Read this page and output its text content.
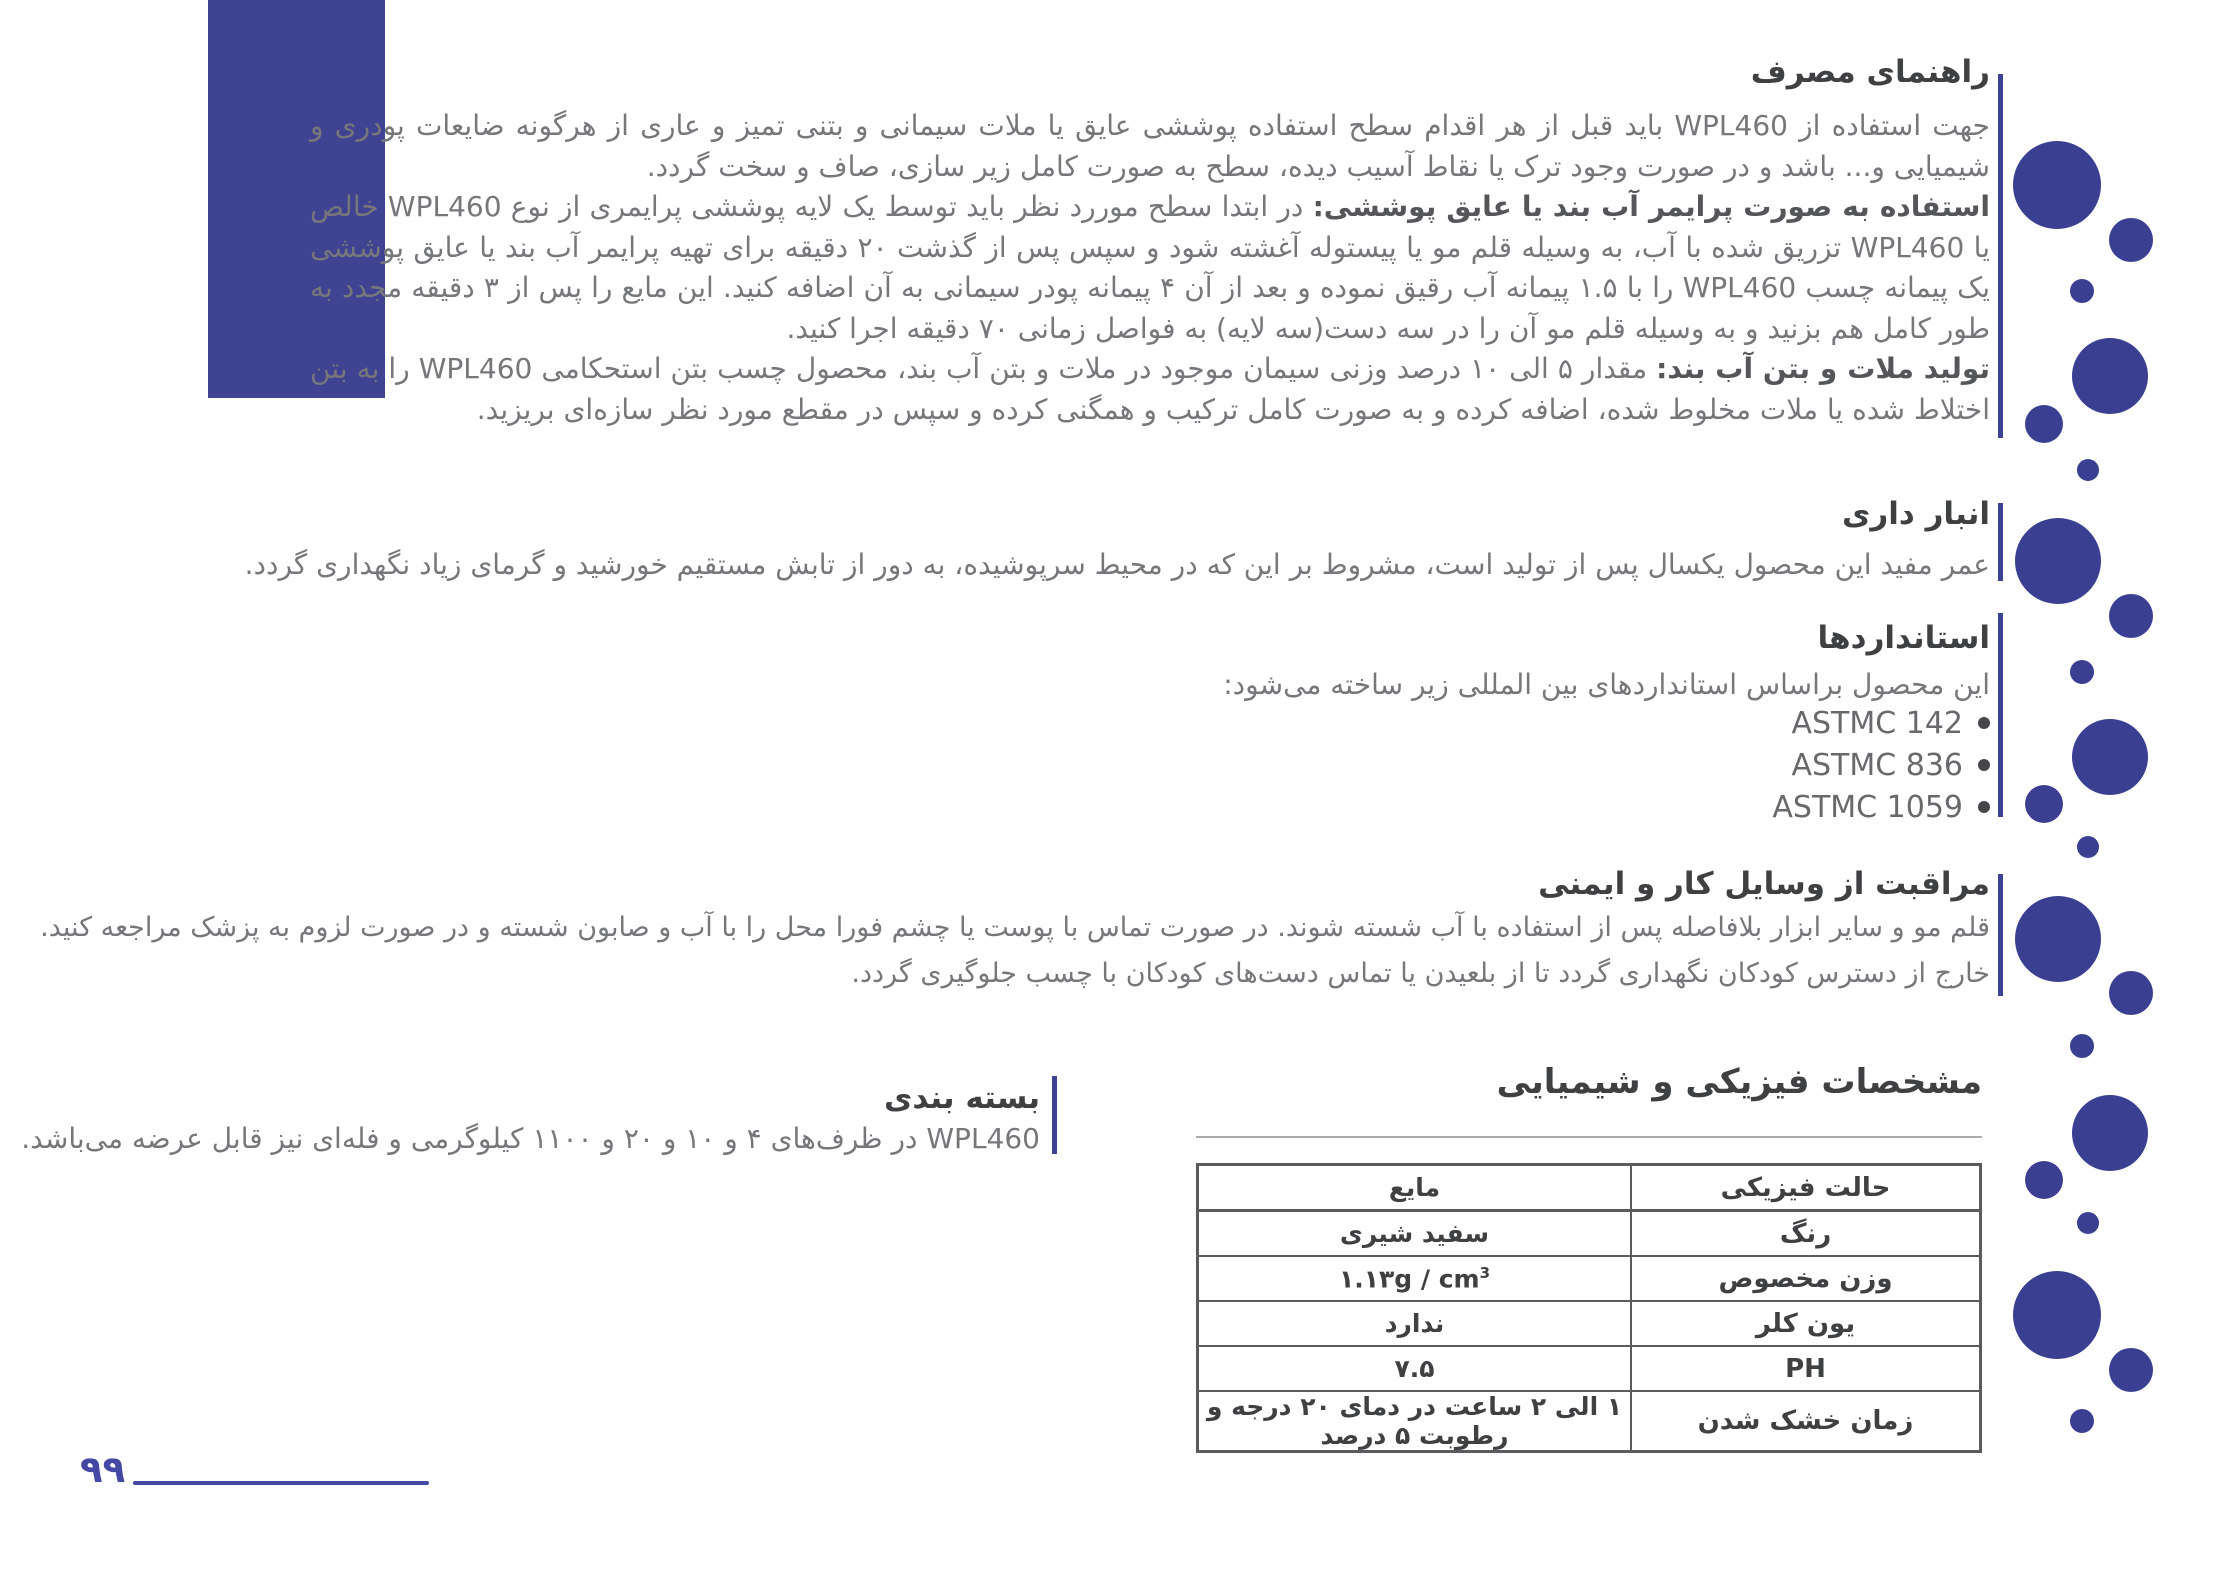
راهنمای مصرف

جهت استفاده از WPL460 باید قبل از هر اقدام سطح استفاده پوششی عایق یا ملات سیمانی و بتنی تمیز و عاری از هرگونه ضایعات پودری و شیمیایی و... باشد و در صورت وجود ترک یا نقاط آسیب دیده، سطح به صورت کامل زیر سازی، صاف و سخت گردد.

استفاده به صورت پرایمر آب بند یا عایق پوششی: در ابتدا سطح موررد نظر باید توسط یک لایه پوششی پرایمری از نوع WPL460 خالص یا WPL460 تزریق شده با آب، به وسیله قلم مو یا پیستوله آغشته شود و سپس پس از گذشت ۲۰ دقیقه برای تهیه پرایمر آب بند یا عایق پوششی یک پیمانه چسب WPL460 را با ۱.۵ پیمانه آب رقیق نموده و بعد از آن ۴ پیمانه پودر سیمانی به آن اضافه کنید. این مایع را پس از ۳ دقیقه مجدد به طور کامل هم بزنید و به وسیله قلم مو آن را در سه دست(سه لایه) به فواصل زمانی ۷۰ دقیقه اجرا کنید.

تولید ملات و بتن آب بند: مقدار ۵ الی ۱۰ درصد وزنی سیمان موجود در ملات و بتن آب بند، محصول چسب بتن استحکامی WPL460 را به بتن اختلاط شده یا ملات مخلوط شده، اضافه کرده و به صورت کامل ترکیب و همگنی کرده و سپس در مقطع مورد نظر سازه‌ای بریزید.

انبار داری
عمر مفید این محصول یکسال پس از تولید است، مشروط بر این که در محیط سرپوشیده، به دور از تابش مستقیم خورشید و گرمای زیاد نگهداری گردد.
استانداردها
این محصول براساس استانداردهای بین المللی زیر ساخته می‌شود:
ASTMC 142
ASTMC 836
ASTMC 1059
مراقبت از وسایل کار و ایمنی
قلم مو و سایر ابزار بلافاصله پس از استفاده با آب شسته شوند. در صورت تماس با پوست یا چشم فورا محل را با آب و صابون شسته و در صورت لزوم به پزشک مراجعه کنید.
خارج از دسترس کودکان نگهداری گردد تا از بلعیدن یا تماس دست‌های کودکان با چسب جلوگیری گردد.
بسته بندی
WPL460 در ظرف‌های ۴ و ۱۰ و ۲۰ و ۱۱۰۰ کیلوگرمی و فله‌ای نیز قابل عرضه می‌باشد.
مشخصات فیزیکی و شیمیایی
حالت فیزیکی	مایع
رنگ	سفید شیری
وزن مخصوص	۱.۱۳g / $cm^3$
یون کلر	ندارد
PH	۷.۵
زمان خشک شدن	۱ الی ۲ ساعت در دمای ۲۰ درجه و رطوبت ۵ درصد
۹۹
